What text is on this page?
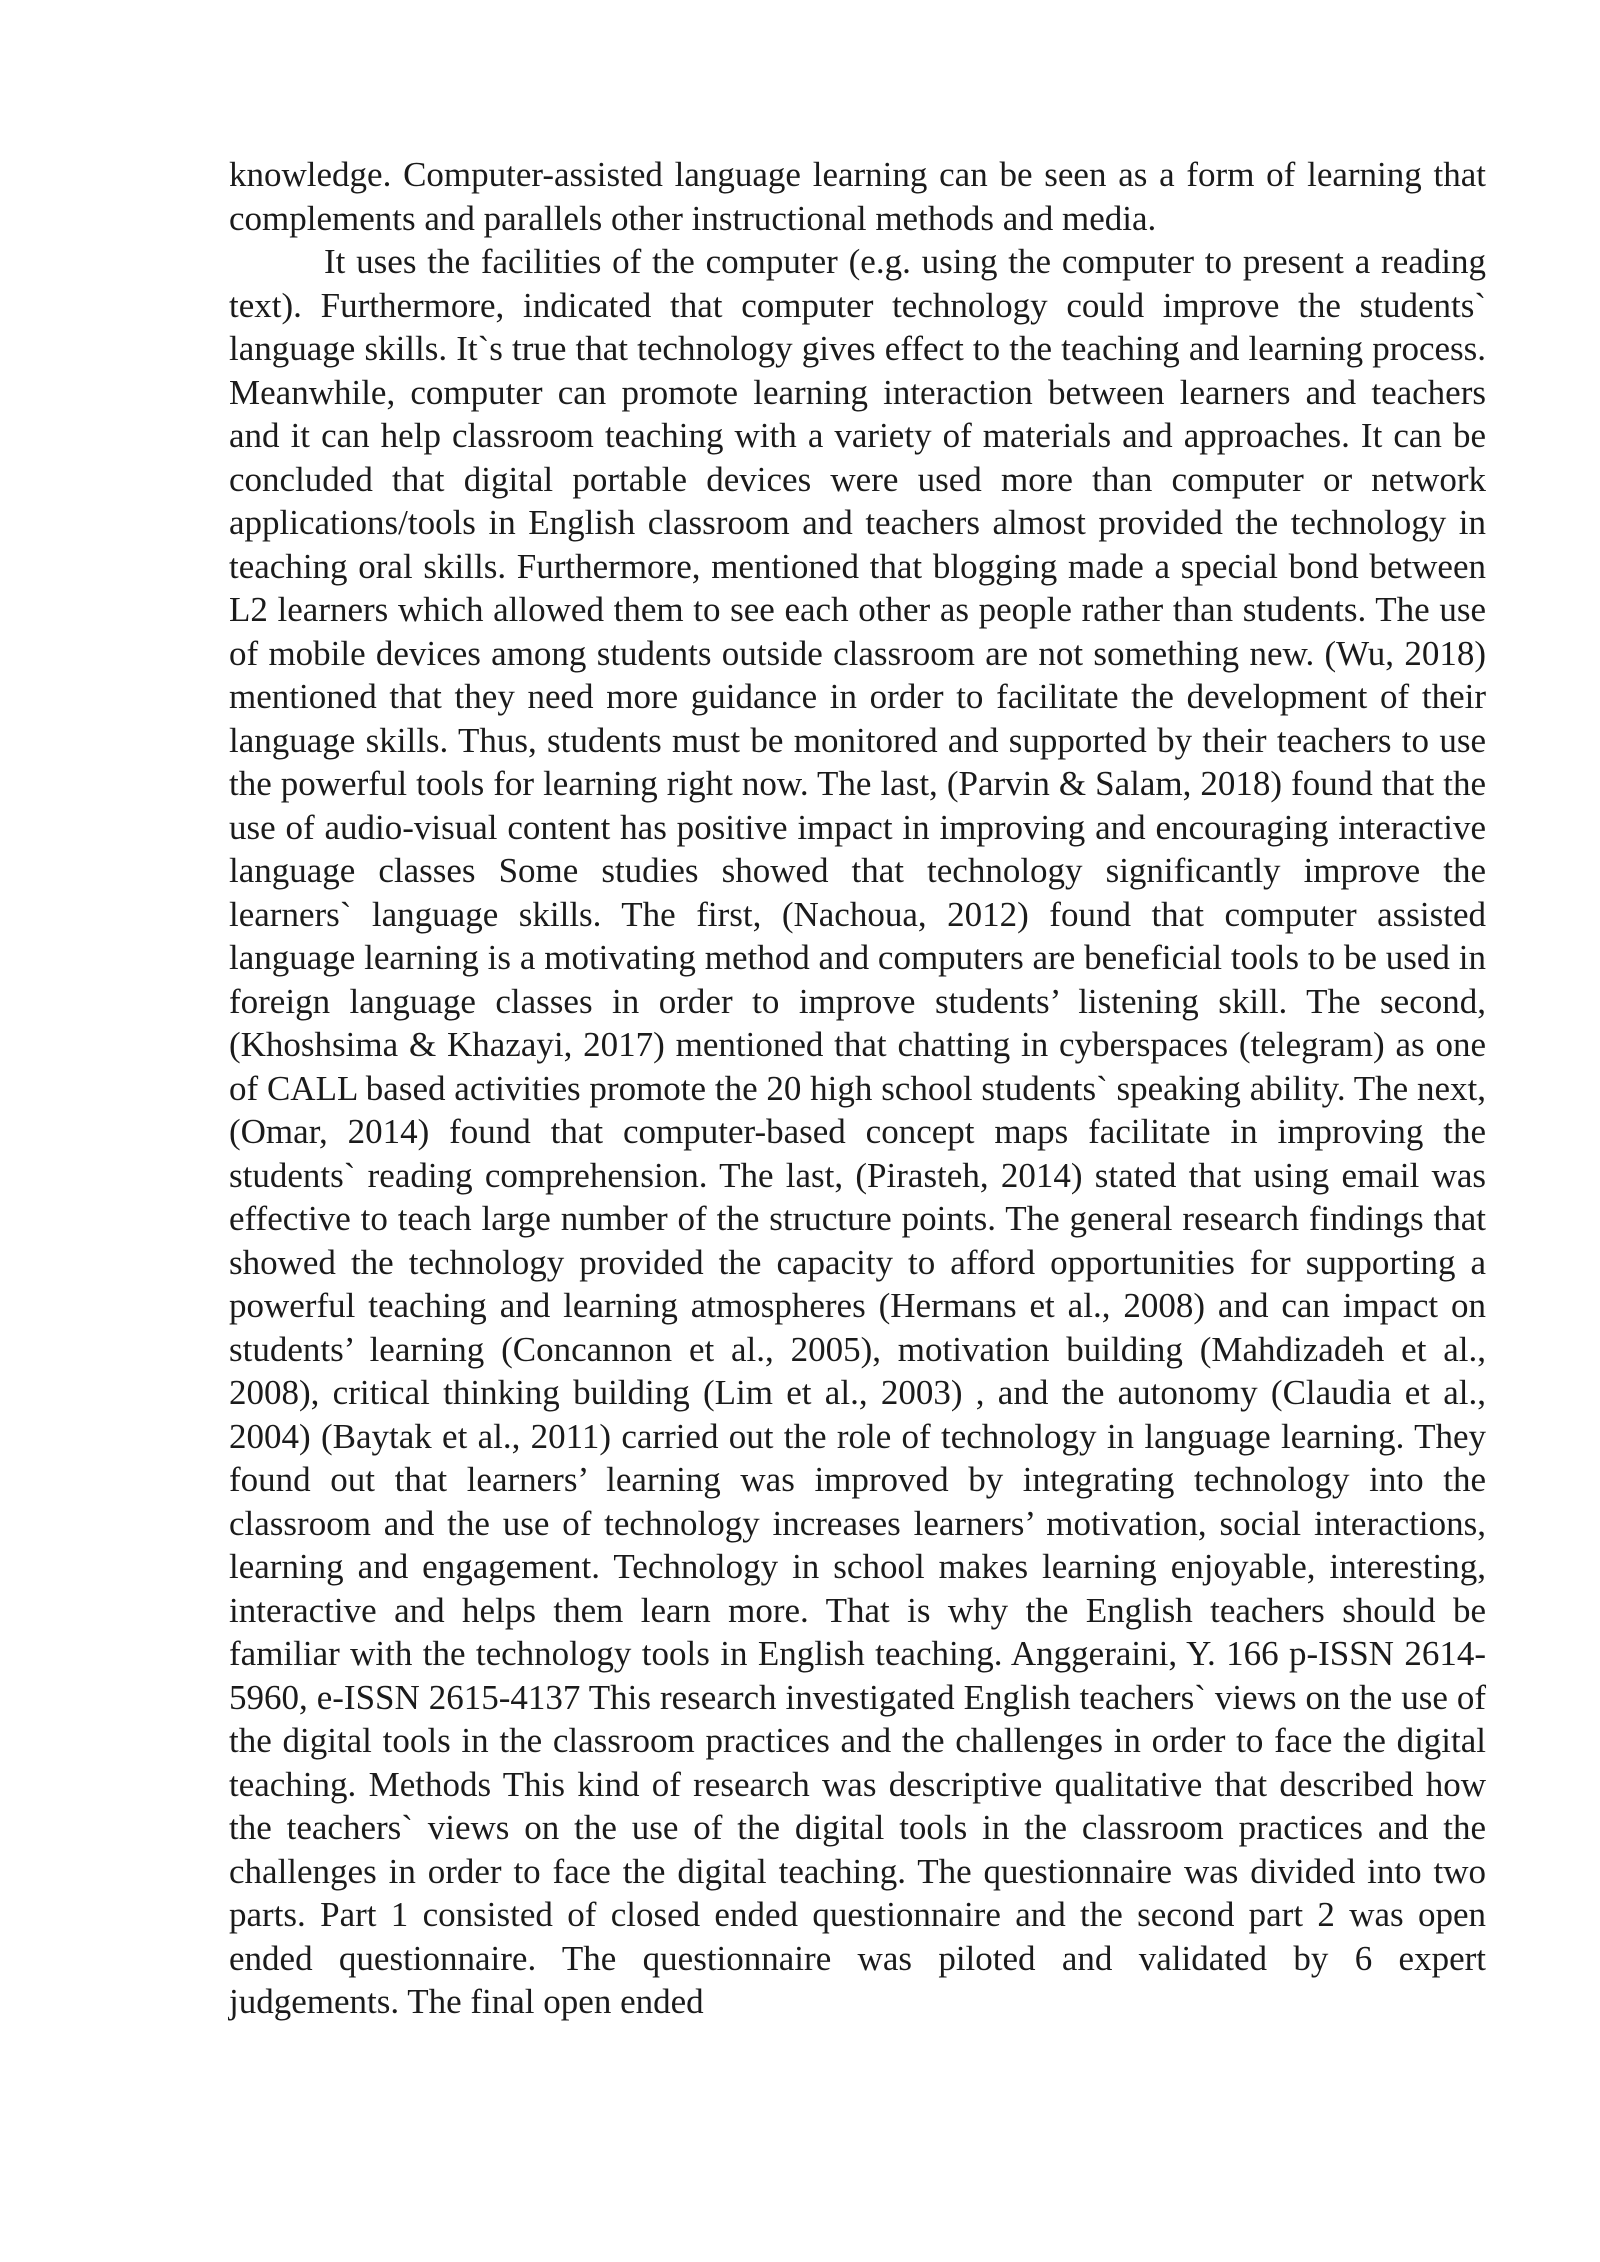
knowledge. Computer-assisted language learning can be seen as a form of learning that complements and parallels other instructional methods and media.

It uses the facilities of the computer (e.g. using the computer to present a reading text). Furthermore, indicated that computer technology could improve the students` language skills. It`s true that technology gives effect to the teaching and learning process. Meanwhile, computer can promote learning interaction between learners and teachers and it can help classroom teaching with a variety of materials and approaches. It can be concluded that digital portable devices were used more than computer or network applications/tools in English classroom and teachers almost provided the technology in teaching oral skills. Furthermore, mentioned that blogging made a special bond between L2 learners which allowed them to see each other as people rather than students. The use of mobile devices among students outside classroom are not something new. (Wu, 2018) mentioned that they need more guidance in order to facilitate the development of their language skills. Thus, students must be monitored and supported by their teachers to use the powerful tools for learning right now. The last, (Parvin & Salam, 2018) found that the use of audio-visual content has positive impact in improving and encouraging interactive language classes Some studies showed that technology significantly improve the learners` language skills. The first, (Nachoua, 2012) found that computer assisted language learning is a motivating method and computers are beneficial tools to be used in foreign language classes in order to improve students’ listening skill. The second, (Khoshsima & Khazayi, 2017) mentioned that chatting in cyberspaces (telegram) as one of CALL based activities promote the 20 high school students` speaking ability. The next, (Omar, 2014) found that computer-based concept maps facilitate in improving the students` reading comprehension. The last, (Pirasteh, 2014) stated that using email was effective to teach large number of the structure points. The general research findings that showed the technology provided the capacity to afford opportunities for supporting a powerful teaching and learning atmospheres (Hermans et al., 2008) and can impact on students’ learning (Concannon et al., 2005), motivation building (Mahdizadeh et al., 2008), critical thinking building (Lim et al., 2003) , and the autonomy (Claudia et al., 2004) (Baytak et al., 2011) carried out the role of technology in language learning. They found out that learners’ learning was improved by integrating technology into the classroom and the use of technology increases learners’ motivation, social interactions, learning and engagement. Technology in school makes learning enjoyable, interesting, interactive and helps them learn more. That is why the English teachers should be familiar with the technology tools in English teaching. Anggeraini, Y. 166 p-ISSN 2614-5960, e-ISSN 2615-4137 This research investigated English teachers` views on the use of the digital tools in the classroom practices and the challenges in order to face the digital teaching. Methods This kind of research was descriptive qualitative that described how the teachers` views on the use of the digital tools in the classroom practices and the challenges in order to face the digital teaching. The questionnaire was divided into two parts. Part 1 consisted of closed ended questionnaire and the second part 2 was open ended questionnaire. The questionnaire was piloted and validated by 6 expert judgements. The final open ended
